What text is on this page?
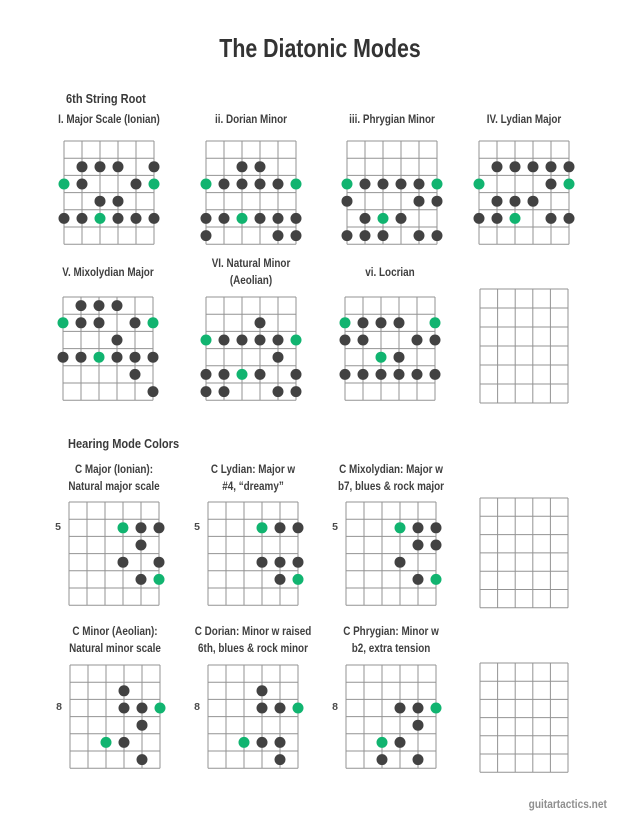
The Diatonic Modes
6th String Root
Hearing Mode Colors
I. Major Scale (Ionian)	ii. Dorian Minor	iii. Phrygian Minor	IV. Lydian Major
V. Mixolydian Major
VI. Natural Minor
(Aeolian)
vi. Locrian
C Major (Ionian):
Natural major scale
5
C Lydian: Major w
#4, “dreamy”
5
C Mixolydian: Major w
b7, blues & rock major
5
C Minor (Aeolian):
Natural minor scale
8
C Dorian: Minor w raised
6th, blues & rock minor
8
C Phrygian: Minor w
b2, extra tension
8
guitartactics.net
